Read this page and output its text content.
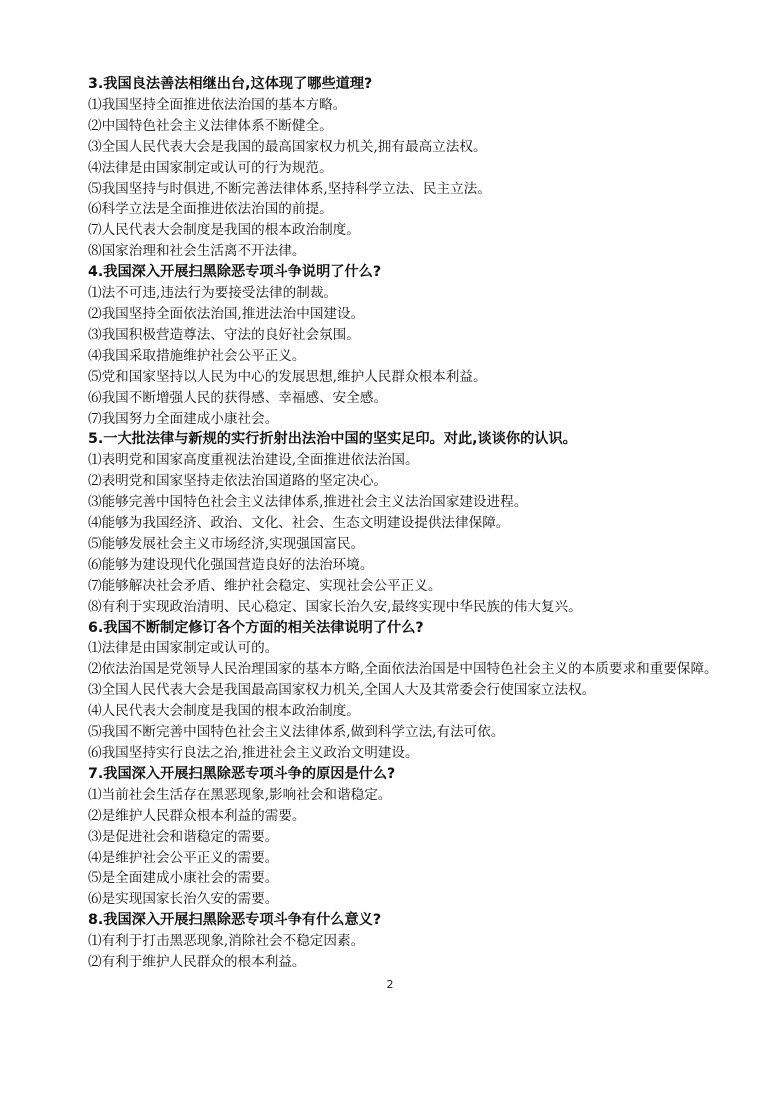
3.我国良法善法相继出台,这体现了哪些道理?
⑴我国坚持全面推进依法治国的基本方略。
⑵中国特色社会主义法律体系不断健全。
⑶全国人民代表大会是我国的最高国家权力机关,拥有最高立法权。
⑷法律是由国家制定或认可的行为规范。
⑸我国坚持与时俱进,不断完善法律体系,坚持科学立法、民主立法。
⑹科学立法是全面推进依法治国的前提。
⑺人民代表大会制度是我国的根本政治制度。
⑻国家治理和社会生活离不开法律。
4.我国深入开展扫黑除恶专项斗争说明了什么?
⑴法不可违,违法行为要接受法律的制裁。
⑵我国坚持全面依法治国,推进法治中国建设。
⑶我国积极营造尊法、守法的良好社会氛围。
⑷我国采取措施维护社会公平正义。
⑸党和国家坚持以人民为中心的发展思想,维护人民群众根本利益。
⑹我国不断增强人民的获得感、幸福感、安全感。
⑺我国努力全面建成小康社会。
5.一大批法律与新规的实行折射出法治中国的坚实足印。对此,谈谈你的认识。
⑴表明党和国家高度重视法治建设,全面推进依法治国。
⑵表明党和国家坚持走依法治国道路的坚定决心。
⑶能够完善中国特色社会主义法律体系,推进社会主义法治国家建设进程。
⑷能够为我国经济、政治、文化、社会、生态文明建设提供法律保障。
⑸能够发展社会主义市场经济,实现强国富民。
⑹能够为建设现代化强国营造良好的法治环境。
⑺能够解决社会矛盾、维护社会稳定、实现社会公平正义。
⑻有利于实现政治清明、民心稳定、国家长治久安,最终实现中华民族的伟大复兴。
6.我国不断制定修订各个方面的相关法律说明了什么?
⑴法律是由国家制定或认可的。
⑵依法治国是党领导人民治理国家的基本方略,全面依法治国是中国特色社会主义的本质要求和重要保障。
⑶全国人民代表大会是我国最高国家权力机关,全国人大及其常委会行使国家立法权。
⑷人民代表大会制度是我国的根本政治制度。
⑸我国不断完善中国特色社会主义法律体系,做到科学立法,有法可依。
⑹我国坚持实行良法之治,推进社会主义政治文明建设。
7.我国深入开展扫黑除恶专项斗争的原因是什么?
⑴当前社会生活存在黑恶现象,影响社会和谐稳定。
⑵是维护人民群众根本利益的需要。
⑶是促进社会和谐稳定的需要。
⑷是维护社会公平正义的需要。
⑸是全面建成小康社会的需要。
⑹是实现国家长治久安的需要。
8.我国深入开展扫黑除恶专项斗争有什么意义?
⑴有利于打击黑恶现象,消除社会不稳定因素。
⑵有利于维护人民群众的根本利益。
2
